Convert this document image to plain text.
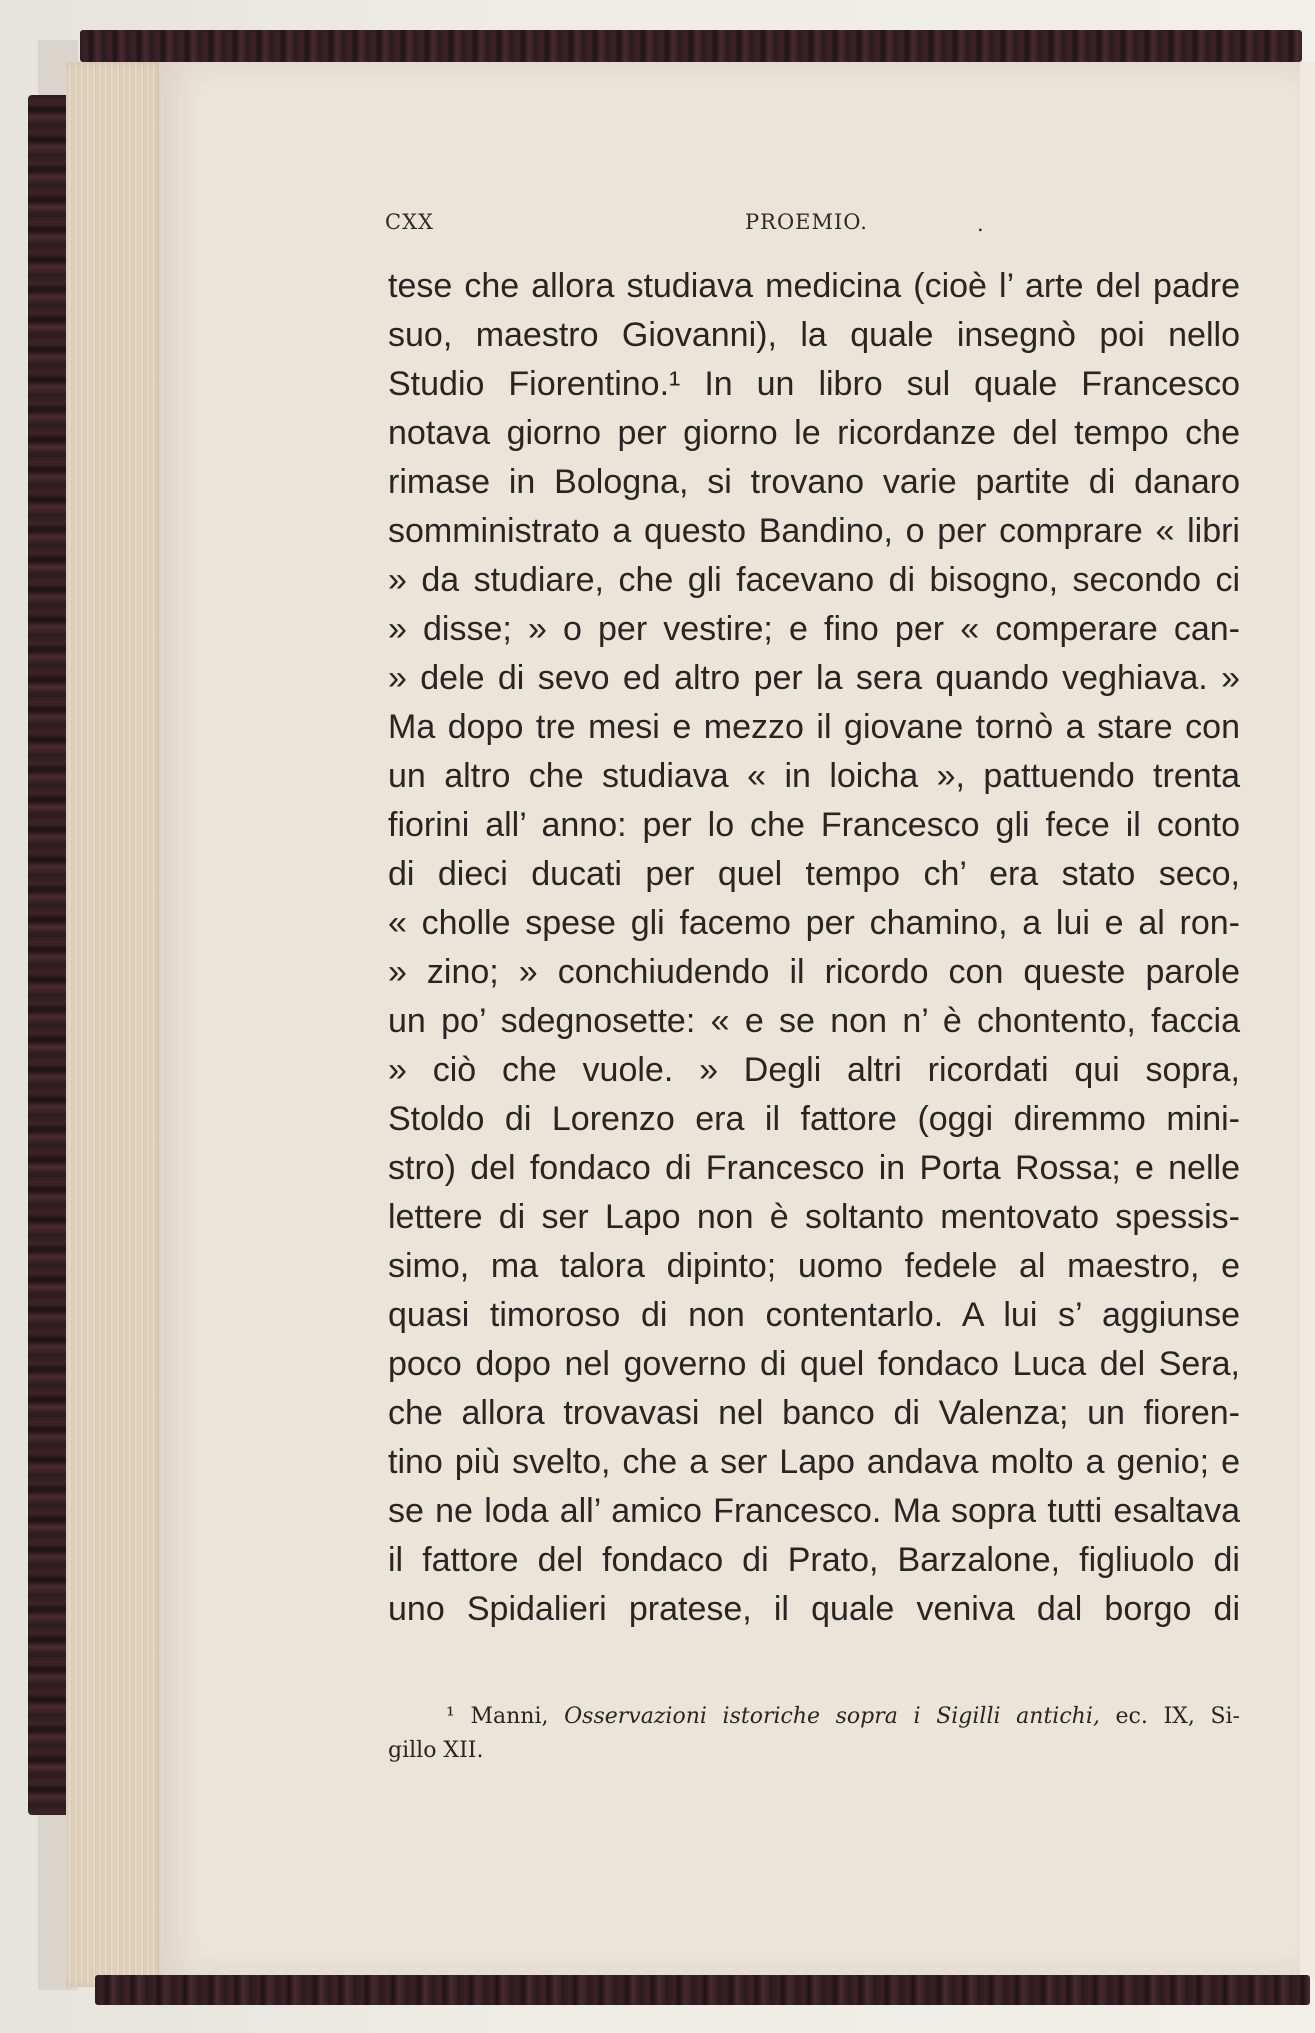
CXX	PROEMIO.	.
tese che allora studiava medicina (cioè l’ arte del padre
suo, maestro Giovanni), la quale insegnò poi nello
Studio Fiorentino.¹ In un libro sul quale Francesco
notava giorno per giorno le ricordanze del tempo che
rimase in Bologna, si trovano varie partite di danaro
somministrato a questo Bandino, o per comprare « libri
» da studiare, che gli facevano di bisogno, secondo ci
» disse; » o per vestire; e fino per « comperare can-
» dele di sevo ed altro per la sera quando veghiava. »
Ma dopo tre mesi e mezzo il giovane tornò a stare con
un altro che studiava « in loicha », pattuendo trenta
fiorini all’ anno: per lo che Francesco gli fece il conto
di dieci ducati per quel tempo ch’ era stato seco,
« cholle spese gli facemo per chamino, a lui e al ron-
» zino; » conchiudendo il ricordo con queste parole
un po’ sdegnosette: « e se non n’ è chontento, faccia
» ciò che vuole. » Degli altri ricordati qui sopra,
Stoldo di Lorenzo era il fattore (oggi diremmo mini-
stro) del fondaco di Francesco in Porta Rossa; e nelle
lettere di ser Lapo non è soltanto mentovato spessis-
simo, ma talora dipinto; uomo fedele al maestro, e
quasi timoroso di non contentarlo. A lui s’ aggiunse
poco dopo nel governo di quel fondaco Luca del Sera,
che allora trovavasi nel banco di Valenza; un fioren-
tino più svelto, che a ser Lapo andava molto a genio; e
se ne loda all’ amico Francesco. Ma sopra tutti esaltava
il fattore del fondaco di Prato, Barzalone, figliuolo di
uno Spidalieri pratese, il quale veniva dal borgo di
¹ Manni, Osservazioni istoriche sopra i Sigilli antichi, ec. IX, Si-
gillo XII.
